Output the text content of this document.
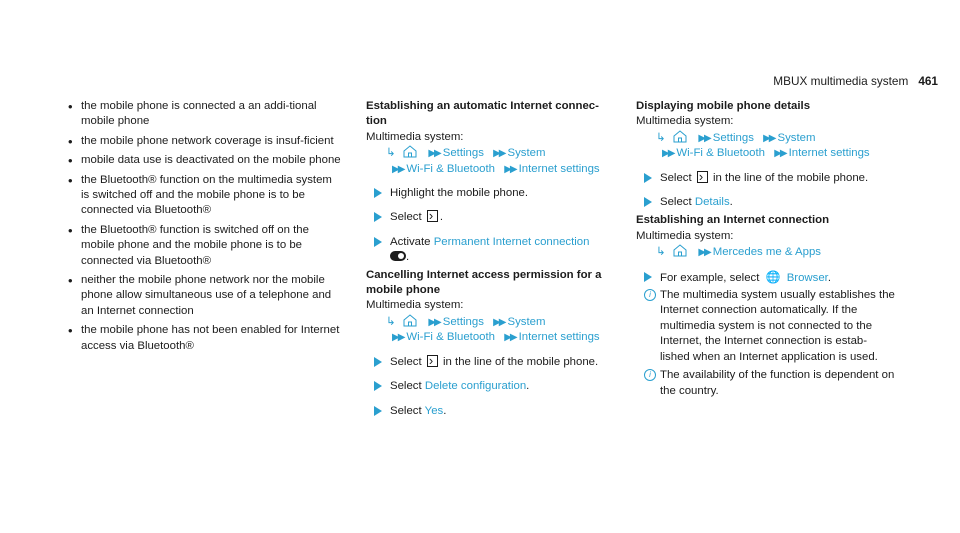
MBUX multimedia system 461
• the mobile phone is connected a an addi-tional mobile phone
• the mobile phone network coverage is insuf-ficient
• mobile data use is deactivated on the mobile phone
• the Bluetooth® function on the multimedia system is switched off and the mobile phone is to be connected via Bluetooth®
• the Bluetooth® function is switched off on the mobile phone and the mobile phone is to be connected via Bluetooth®
• neither the mobile phone network nor the mobile phone allow simultaneous use of a telephone and an Internet connection
• the mobile phone has not been enabled for Internet access via Bluetooth®
Establishing an automatic Internet connec-
tion
Multimedia system:
↳	▶▶ Settings ▶▶ System
▶▶ Wi-Fi & Bluetooth ▶▶ Internet settings
Highlight the mobile phone.
Select › .
Activate Permanent Internet connection
.
Cancelling Internet access permission for a
mobile phone
Multimedia system:
↳	▶▶ Settings ▶▶ System
▶▶ Wi-Fi & Bluetooth ▶▶ Internet settings
Select › in the line of the mobile phone.
Select Delete configuration.
Select Yes.
Displaying mobile phone details
Multimedia system:
↳	▶▶ Settings ▶▶ System
▶▶ Wi-Fi & Bluetooth ▶▶ Internet settings
Select › in the line of the mobile phone.
Select Details.
Establishing an Internet connection
Multimedia system:
↳	▶▶ Mercedes me & Apps
For example, select 🌐 Browser.
i The multimedia system usually establishes the Internet connection automatically. If the multimedia system is not connected to the Internet, the Internet connection is estab-lished when an Internet application is used.
i The availability of the function is dependent on the country.
